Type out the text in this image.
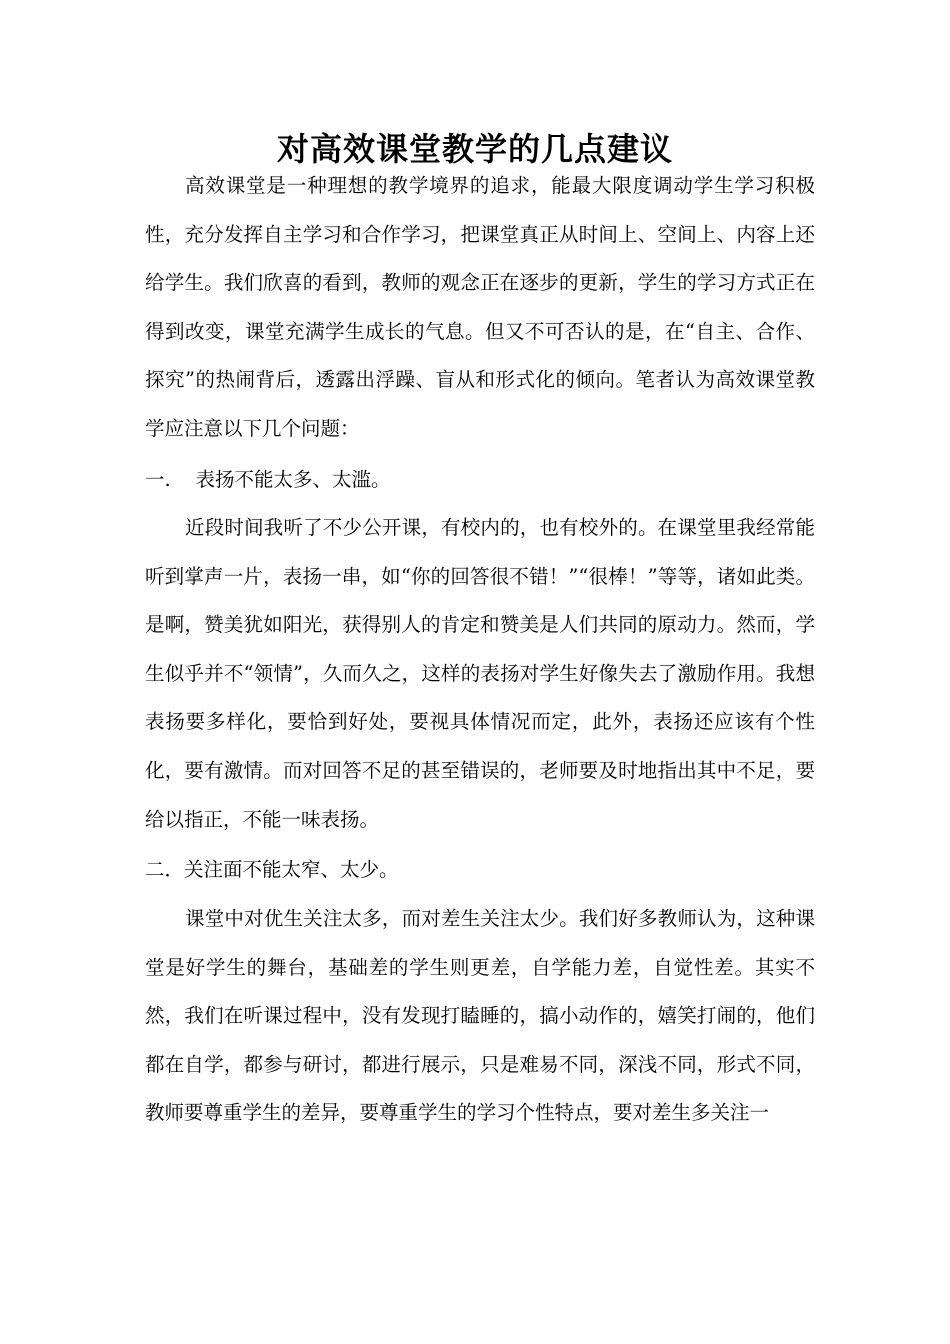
对高效课堂教学的几点建议
高效课堂是一种理想的教学境界的追求，能最大限度调动学生学习积极性，充分发挥自主学习和合作学习，把课堂真正从时间上、空间上、内容上还给学生。我们欣喜的看到，教师的观念正在逐步的更新，学生的学习方式正在得到改变，课堂充满学生成长的气息。但又不可否认的是，在“自主、合作、探究”的热闹背后，透露出浮躁、盲从和形式化的倾向。笔者认为高效课堂教学应注意以下几个问题：
一.    表扬不能太多、太滥。
近段时间我听了不少公开课，有校内的，也有校外的。在课堂里我经常能听到掌声一片，表扬一串，如“你的回答很不错！”“很棒！”等等，诸如此类。是啊，赞美犹如阳光，获得别人的肯定和赞美是人们共同的原动力。然而，学生似乎并不“领情”，久而久之，这样的表扬对学生好像失去了激励作用。我想表扬要多样化，要恰到好处，要视具体情况而定，此外，表扬还应该有个性化，要有激情。而对回答不足的甚至错误的，老师要及时地指出其中不足，要给以指正，不能一味表扬。
二．关注面不能太窄、太少。
课堂中对优生关注太多，而对差生关注太少。我们好多教师认为，这种课堂是好学生的舞台，基础差的学生则更差，自学能力差，自觉性差。其实不然，我们在听课过程中，没有发现打瞌睡的，搞小动作的，嬉笑打闹的，他们都在自学，都参与研讨，都进行展示，只是难易不同，深浅不同，形式不同，教师要尊重学生的差异，要尊重学生的学习个性特点，要对差生多关注一
